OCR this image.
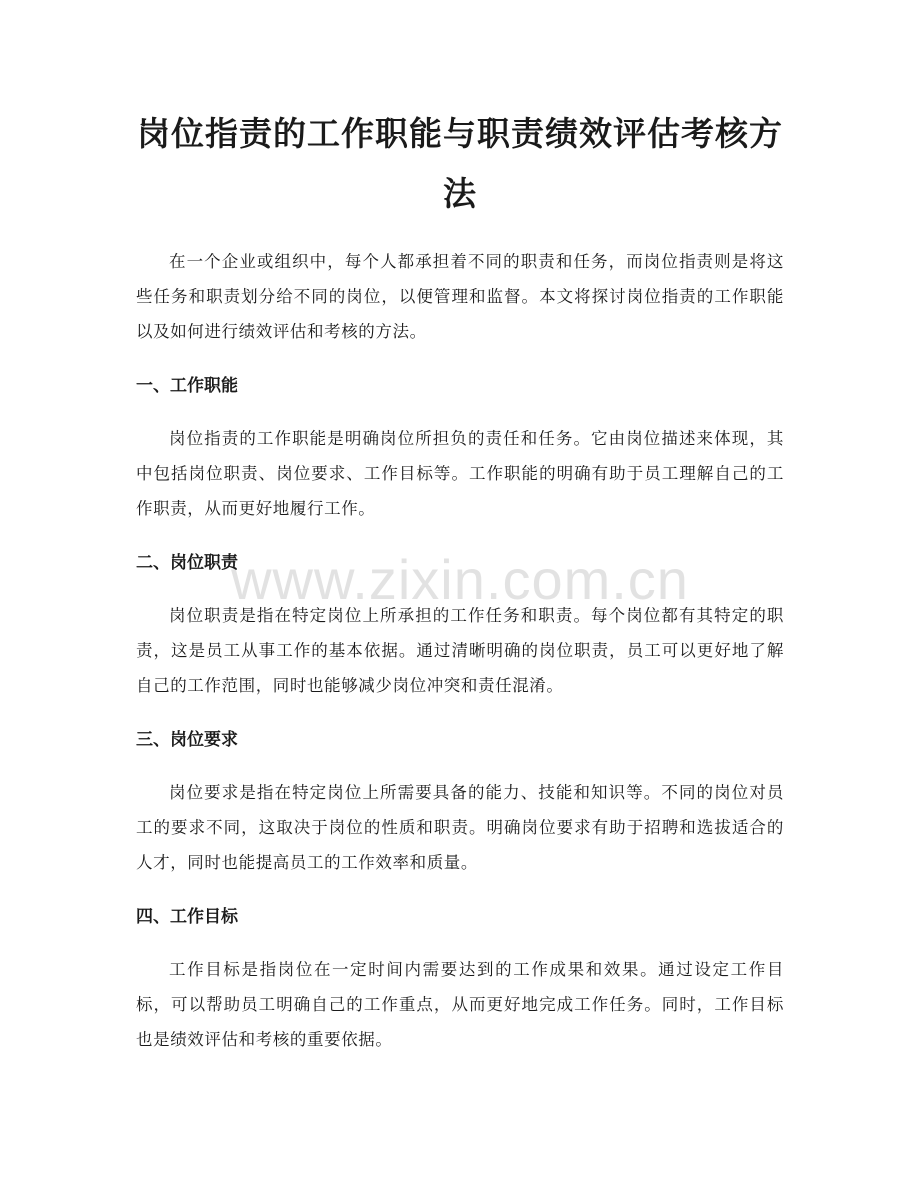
岗位指责的工作职能与职责绩效评估考核方法

在一个企业或组织中，每个人都承担着不同的职责和任务，而岗位指责则是将这些任务和职责划分给不同的岗位，以便管理和监督。本文将探讨岗位指责的工作职能以及如何进行绩效评估和考核的方法。

一、工作职能

岗位指责的工作职能是明确岗位所担负的责任和任务。它由岗位描述来体现，其中包括岗位职责、岗位要求、工作目标等。工作职能的明确有助于员工理解自己的工作职责，从而更好地履行工作。

二、岗位职责

岗位职责是指在特定岗位上所承担的工作任务和职责。每个岗位都有其特定的职责，这是员工从事工作的基本依据。通过清晰明确的岗位职责，员工可以更好地了解自己的工作范围，同时也能够减少岗位冲突和责任混淆。

三、岗位要求

岗位要求是指在特定岗位上所需要具备的能力、技能和知识等。不同的岗位对员工的要求不同，这取决于岗位的性质和职责。明确岗位要求有助于招聘和选拔适合的人才，同时也能提高员工的工作效率和质量。

四、工作目标

工作目标是指岗位在一定时间内需要达到的工作成果和效果。通过设定工作目标，可以帮助员工明确自己的工作重点，从而更好地完成工作任务。同时，工作目标也是绩效评估和考核的重要依据。

www.zixin.com.cn
